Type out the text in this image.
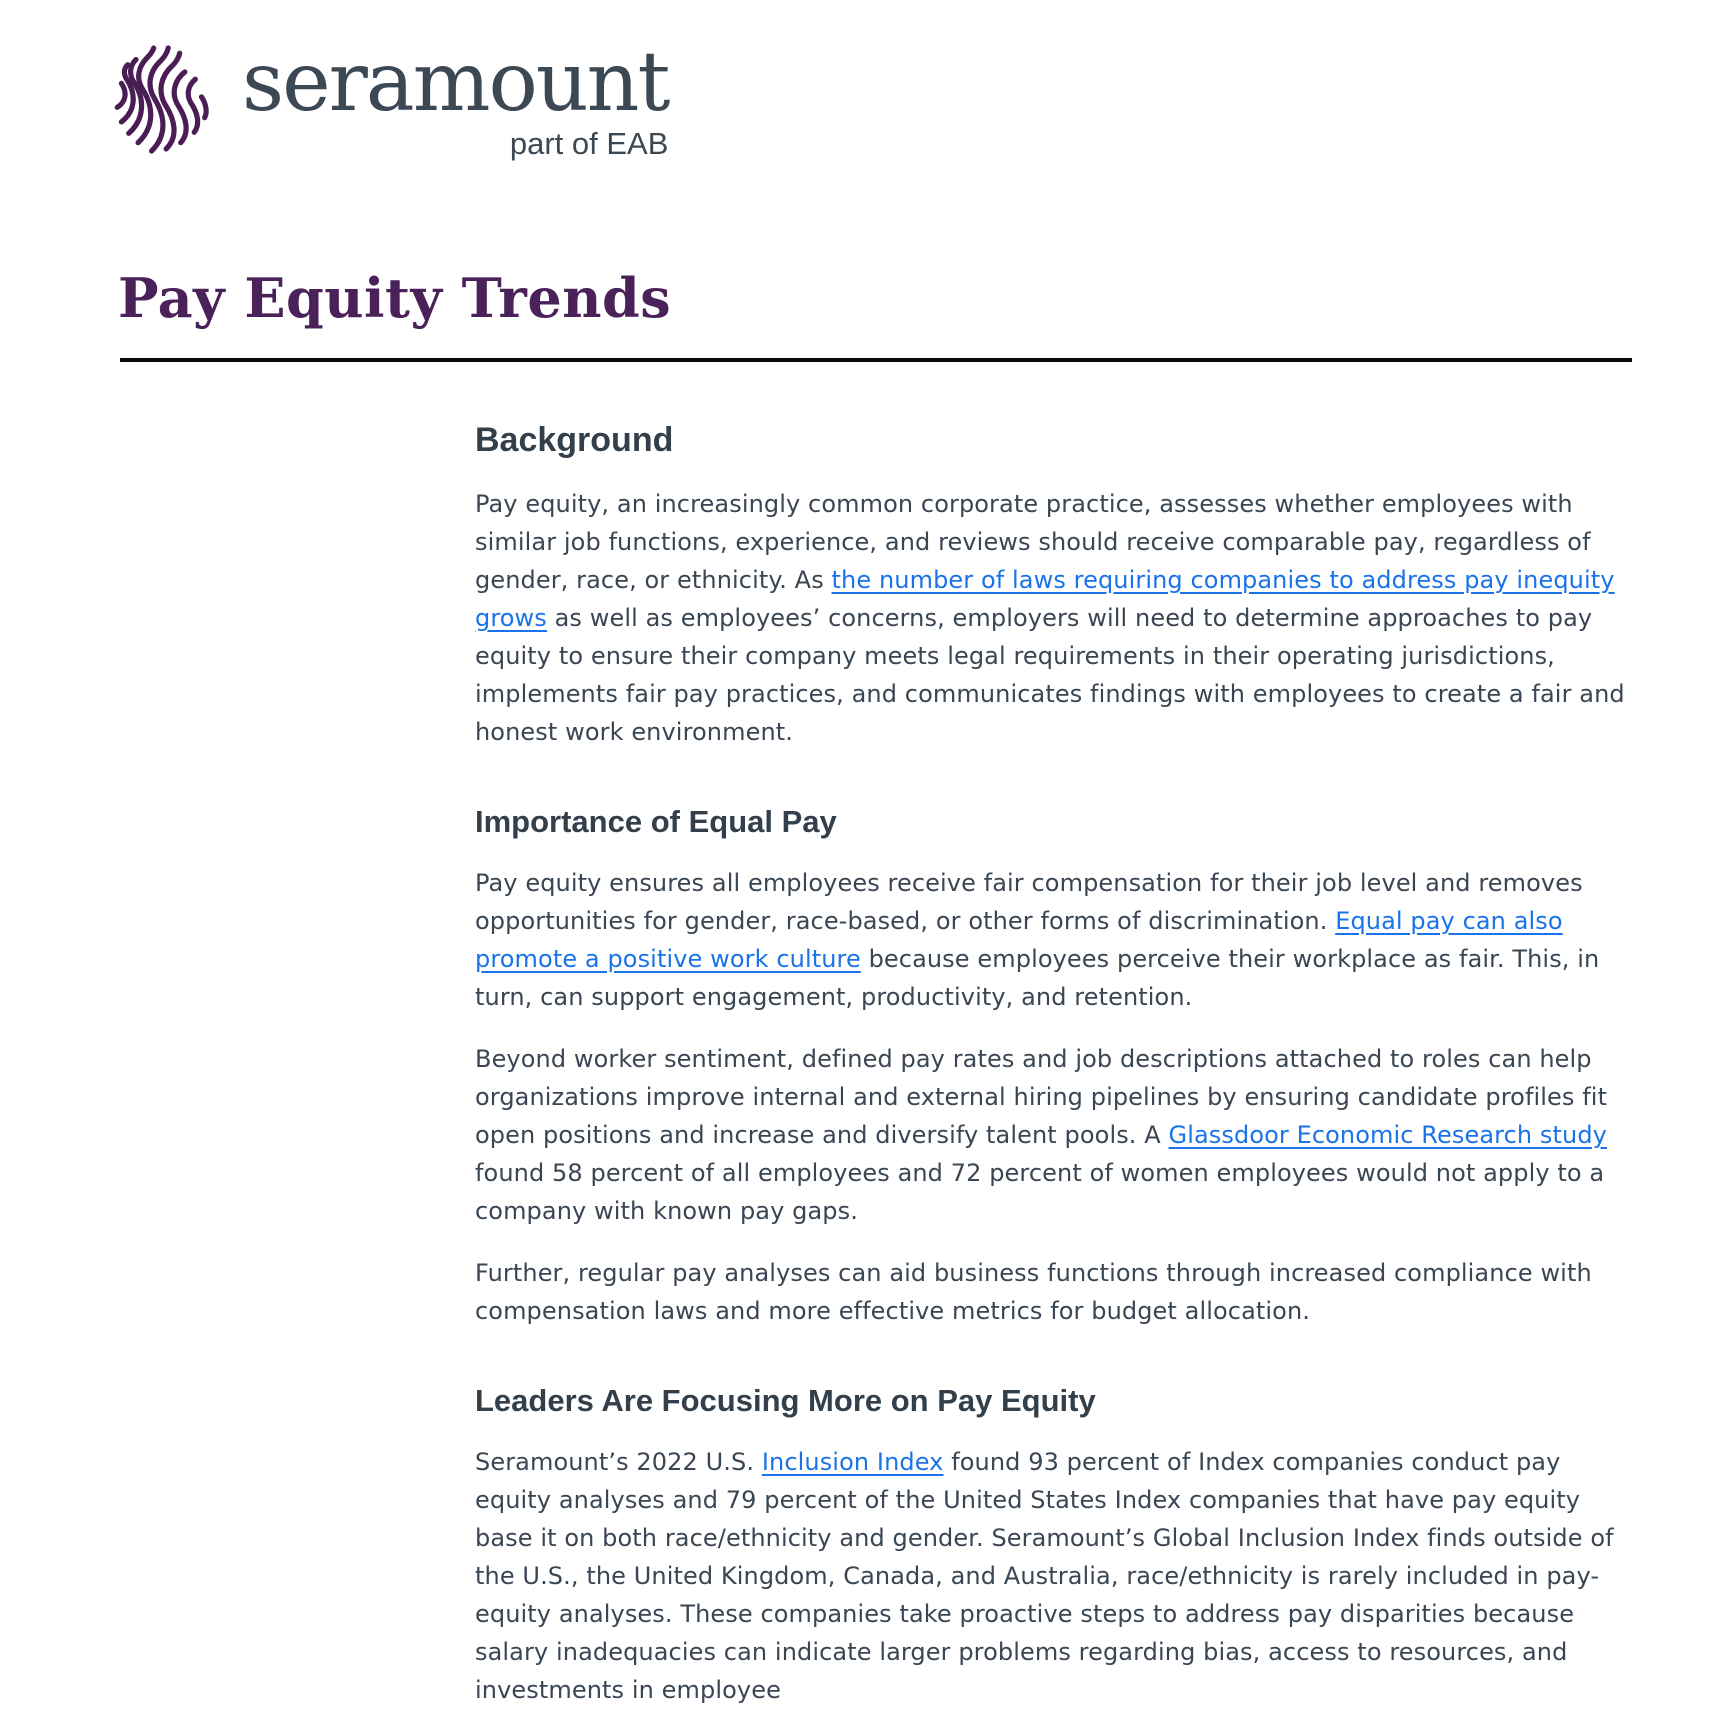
seramount
part of EAB
Pay Equity Trends
Background

Pay equity, an increasingly common corporate practice, assesses whether employees with similar job functions, experience, and reviews should receive comparable pay, regardless of gender, race, or ethnicity. As the number of laws requiring companies to address pay inequity grows as well as employees’ concerns, employers will need to determine approaches to pay equity to ensure their company meets legal requirements in their operating jurisdictions, implements fair pay practices, and communicates findings with employees to create a fair and honest work environment.

Importance of Equal Pay

Pay equity ensures all employees receive fair compensation for their job level and removes opportunities for gender, race-based, or other forms of discrimination. Equal pay can also promote a positive work culture because employees perceive their workplace as fair. This, in turn, can support engagement, productivity, and retention.

Beyond worker sentiment, defined pay rates and job descriptions attached to roles can help organizations improve internal and external hiring pipelines by ensuring candidate profiles fit open positions and increase and diversify talent pools. A Glassdoor Economic Research study found 58 percent of all employees and 72 percent of women employees would not apply to a company with known pay gaps.

Further, regular pay analyses can aid business functions through increased compliance with compensation laws and more effective metrics for budget allocation.

Leaders Are Focusing More on Pay Equity

Seramount’s 2022 U.S. Inclusion Index found 93 percent of Index companies conduct pay equity analyses and 79 percent of the United States Index companies that have pay equity base it on both race/ethnicity and gender. Seramount’s Global Inclusion Index finds outside of the U.S., the United Kingdom, Canada, and Australia, race/ethnicity is rarely included in pay-equity analyses. These companies take proactive steps to address pay disparities because salary inadequacies can indicate larger problems regarding bias, access to resources, and investments in employee
